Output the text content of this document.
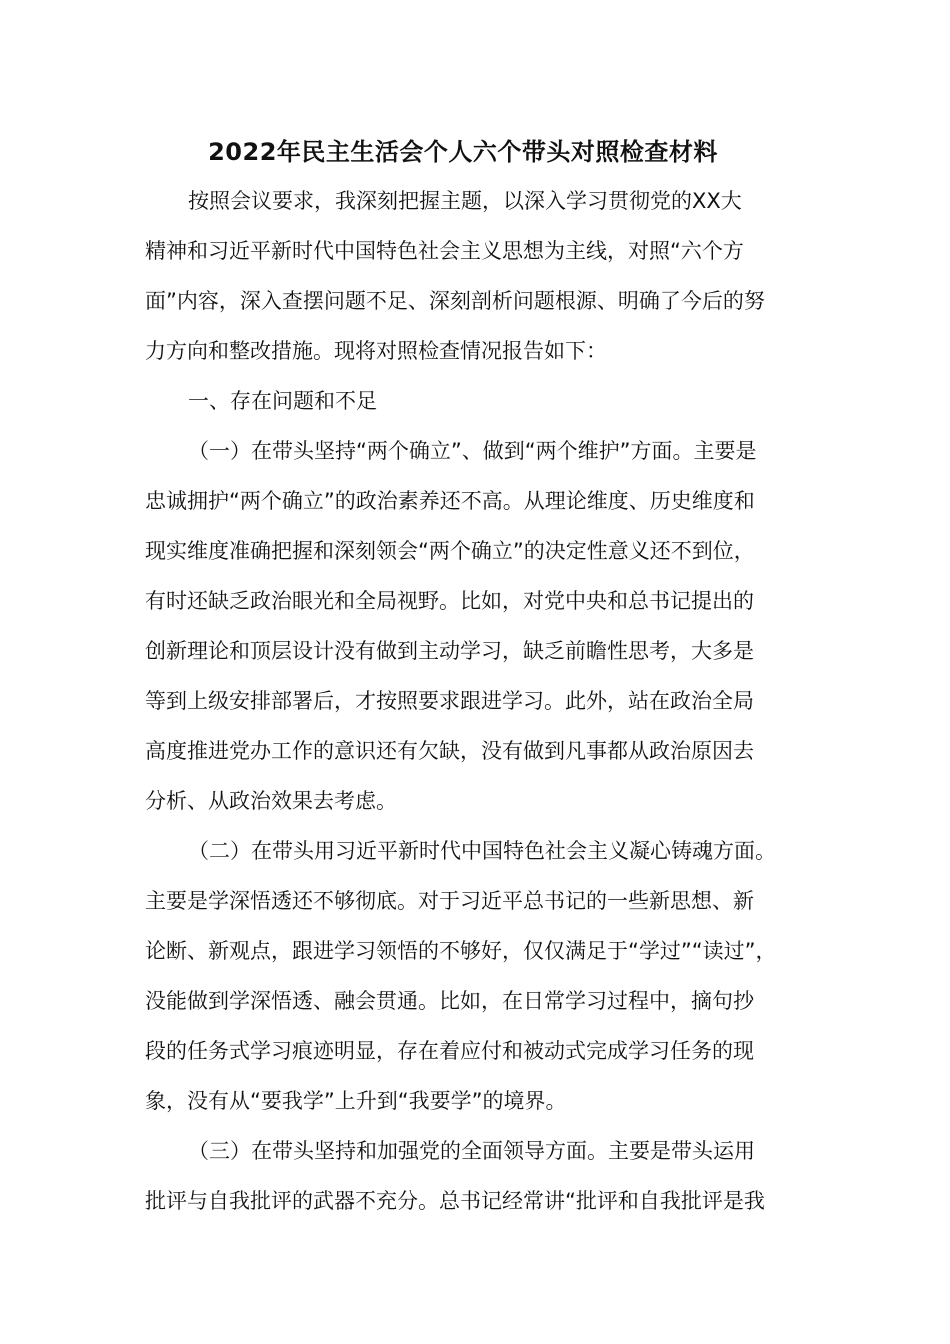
2022年民主生活会个人六个带头对照检查材料
按照会议要求，我深刻把握主题，以深入学习贯彻党的XX大
精神和习近平新时代中国特色社会主义思想为主线，对照“六个方
面”内容，深入查摆问题不足、深刻剖析问题根源、明确了今后的努
力方向和整改措施。现将对照检查情况报告如下：
一、存在问题和不足
（一）在带头坚持“两个确立”、做到“两个维护”方面。主要是
忠诚拥护“两个确立”的政治素养还不高。从理论维度、历史维度和
现实维度准确把握和深刻领会“两个确立”的决定性意义还不到位，
有时还缺乏政治眼光和全局视野。比如，对党中央和总书记提出的
创新理论和顶层设计没有做到主动学习，缺乏前瞻性思考，大多是
等到上级安排部署后，才按照要求跟进学习。此外，站在政治全局
高度推进党办工作的意识还有欠缺，没有做到凡事都从政治原因去
分析、从政治效果去考虑。
（二）在带头用习近平新时代中国特色社会主义凝心铸魂方面。
主要是学深悟透还不够彻底。对于习近平总书记的一些新思想、新
论断、新观点，跟进学习领悟的不够好，仅仅满足于“学过”“读过”，
没能做到学深悟透、融会贯通。比如，在日常学习过程中，摘句抄
段的任务式学习痕迹明显，存在着应付和被动式完成学习任务的现
象，没有从“要我学”上升到“我要学”的境界。
（三）在带头坚持和加强党的全面领导方面。主要是带头运用
批评与自我批评的武器不充分。总书记经常讲“批评和自我批评是我
